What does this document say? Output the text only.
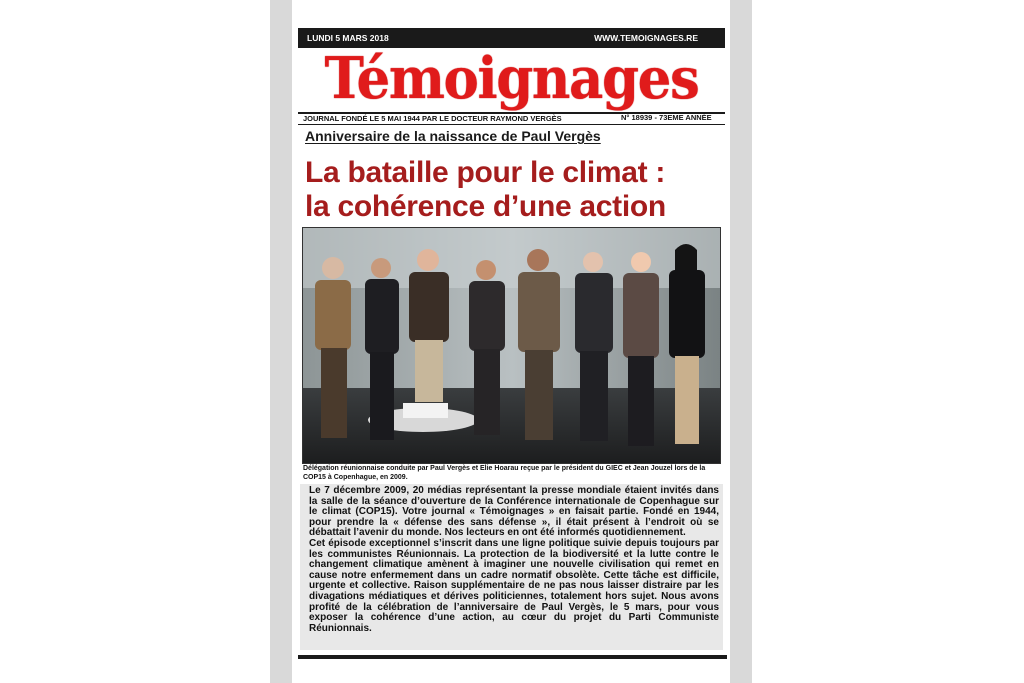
LUNDI 5 MARS 2018	WWW.TEMOIGNAGES.RE
Témoignages
JOURNAL FONDÉ LE 5 MAI 1944 PAR LE DOCTEUR RAYMOND VERGÈS	N° 18939 - 73EME ANNÉE
Anniversaire de la naissance de Paul Vergès
La bataille pour le climat :
la cohérence d’une action
Délégation réunionnaise conduite par Paul Vergès et Elie Hoarau reçue par le président du GIEC et Jean Jouzel lors de la COP15 à Copenhague, en 2009.

Le 7 décembre 2009, 20 médias représentant la presse mondiale étaient invités dans la salle de la séance d’ouverture de la Conférence internationale de Copenhague sur le climat (COP15). Votre journal « Témoignages » en faisait partie. Fondé en 1944, pour prendre la « défense des sans défense », il était présent à l’endroit où se débattait l’avenir du monde. Nos lecteurs en ont été informés quotidiennement.

Cet épisode exceptionnel s’inscrit dans une ligne politique suivie depuis toujours par les communistes Réunionnais. La protection de la biodiversité et la lutte contre le changement climatique amènent à imaginer une nouvelle civilisation qui remet en cause notre enfermement dans un cadre normatif obsolète. Cette tâche est difficile, urgente et collective. Raison supplémentaire de ne pas nous laisser distraire par les divagations médiatiques et dérives politiciennes, totalement hors sujet. Nous avons profité de la célébration de l’anniversaire de Paul Vergès, le 5 mars, pour vous exposer la cohérence d’une action, au cœur du projet du Parti Communiste Réunionnais.
